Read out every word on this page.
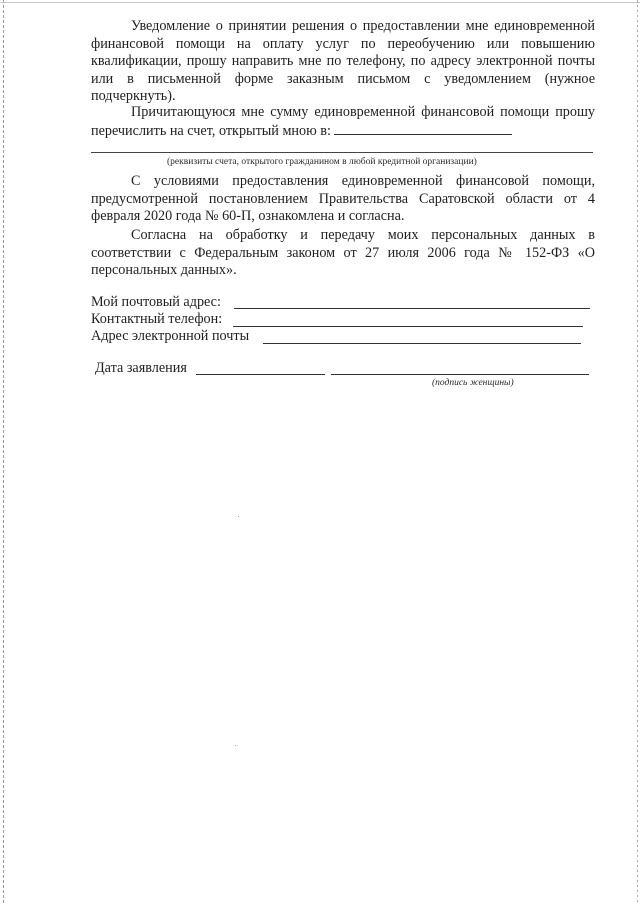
Уведомление о принятии решения о предоставлении мне единовременной финансовой помощи на оплату услуг по переобучению или повышению квалификации, прошу направить мне по телефону, по адресу электронной почты или в письменной форме заказным письмом с уведомлением (нужное подчеркнуть).

Причитающуюся мне сумму единовременной финансовой помощи прошу перечислить на счет, открытый мною в:

(реквизиты счета, открытого гражданином в любой кредитной организации)

С условиями предоставления единовременной финансовой помощи, предусмотренной постановлением Правительства Саратовской области от 4 февраля 2020 года № 60-П, ознакомлена и согласна.

Согласна на обработку и передачу моих персональных данных в соответствии с Федеральным законом от 27 июля 2006 года № 152-ФЗ «О персональных данных».

Мой почтовый адрес:
Контактный телефон:
Адрес электронной почты
Дата заявления
(подпись женщины)
